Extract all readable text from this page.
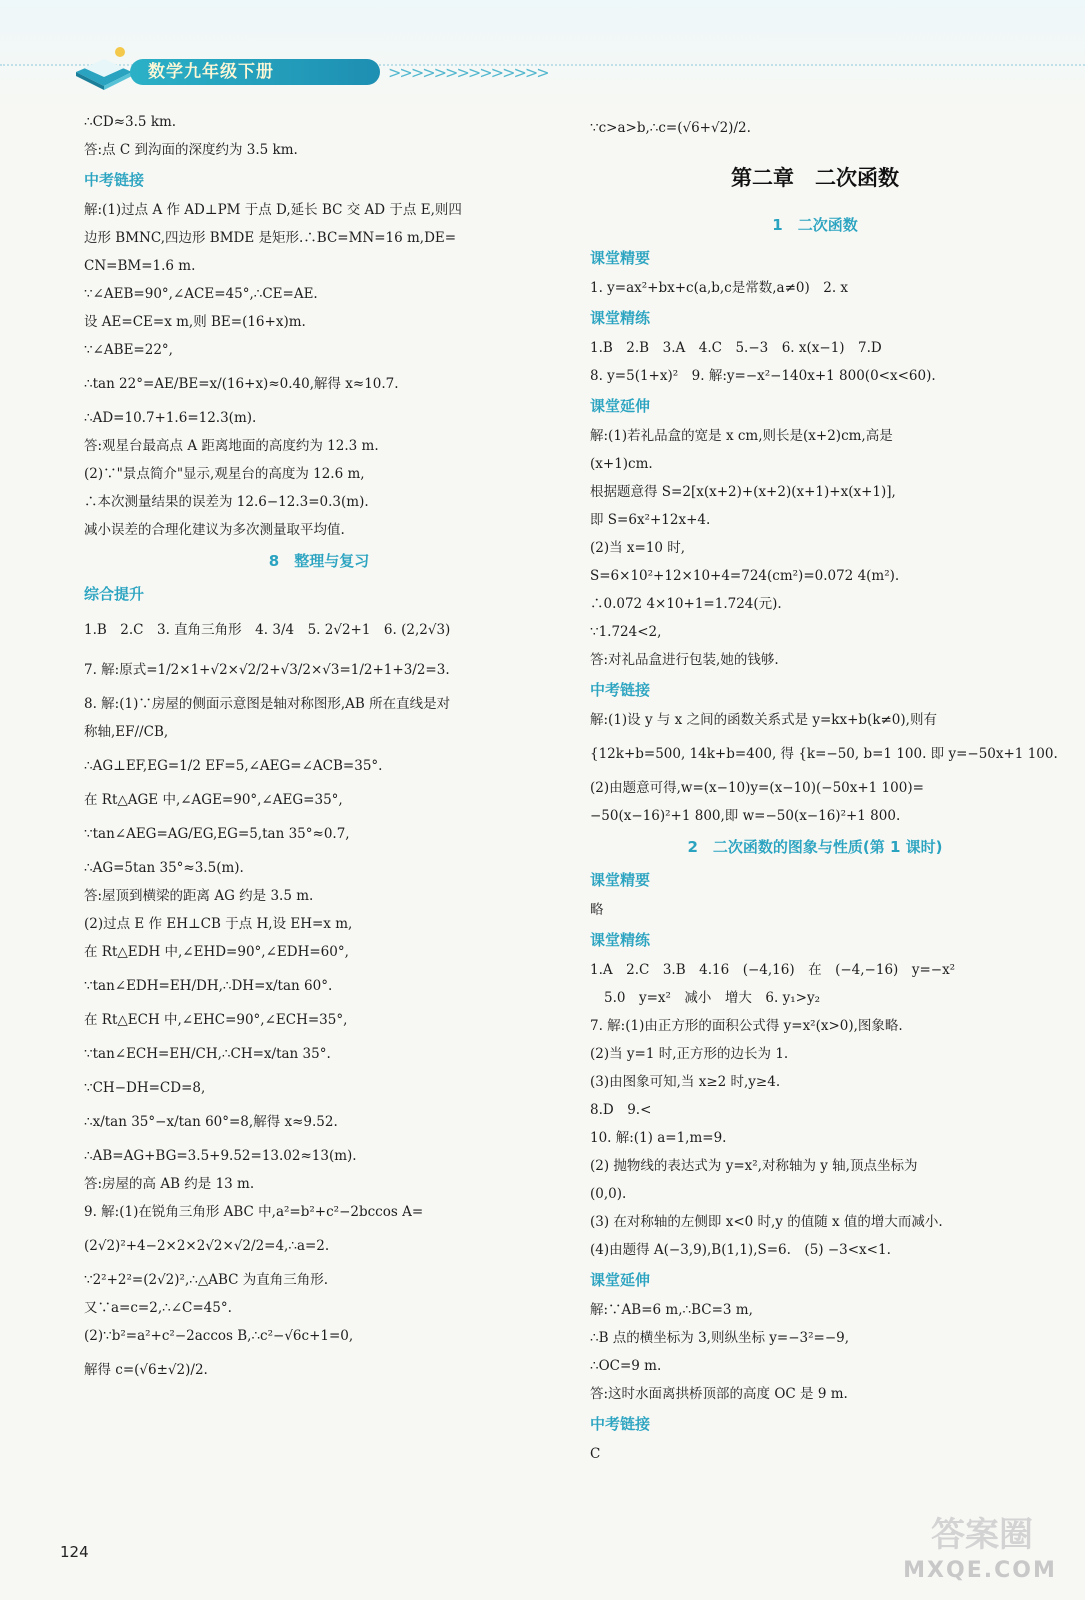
数学九年级下册	>>>>>>>>>>>>>>
∴CD≈3.5 km.
答:点 C 到沟面的深度约为 3.5 km.
中考链接
解:(1)过点 A 作 AD⊥PM 于点 D,延长 BC 交 AD 于点 E,则四
边形 BMNC,四边形 BMDE 是矩形.∴BC=MN=16 m,DE=
CN=BM=1.6 m.
∵∠AEB=90°,∠ACE=45°,∴CE=AE.
设 AE=CE=x m,则 BE=(16+x)m.
∵∠ABE=22°,
∴tan 22°=AE/BE=x/(16+x)≈0.40,解得 x≈10.7.
∴AD=10.7+1.6=12.3(m).
答:观星台最高点 A 距离地面的高度约为 12.3 m.
(2)∵"景点简介"显示,观星台的高度为 12.6 m,
∴本次测量结果的误差为 12.6−12.3=0.3(m).
减小误差的合理化建议为多次测量取平均值.
8　整理与复习
综合提升
1.B　2.C　3. 直角三角形　4. 3/4　5. 2√2+1　6. (2,2√3)
7. 解:原式=1/2×1+√2×√2/2+√3/2×√3=1/2+1+3/2=3.
8. 解:(1)∵房屋的侧面示意图是轴对称图形,AB 所在直线是对
称轴,EF//CB,
∴AG⊥EF,EG=1/2 EF=5,∠AEG=∠ACB=35°.
在 Rt△AGE 中,∠AGE=90°,∠AEG=35°,
∵tan∠AEG=AG/EG,EG=5,tan 35°≈0.7,
∴AG=5tan 35°≈3.5(m).
答:屋顶到横梁的距离 AG 约是 3.5 m.
(2)过点 E 作 EH⊥CB 于点 H,设 EH=x m,
在 Rt△EDH 中,∠EHD=90°,∠EDH=60°,
∵tan∠EDH=EH/DH,∴DH=x/tan 60°.
在 Rt△ECH 中,∠EHC=90°,∠ECH=35°,
∵tan∠ECH=EH/CH,∴CH=x/tan 35°.
∵CH−DH=CD=8,
∴x/tan 35°−x/tan 60°=8,解得 x≈9.52.
∴AB=AG+BG=3.5+9.52=13.02≈13(m).
答:房屋的高 AB 约是 13 m.
9. 解:(1)在锐角三角形 ABC 中,a²=b²+c²−2bccos A=
(2√2)²+4−2×2×2√2×√2/2=4,∴a=2.
∵2²+2²=(2√2)²,∴△ABC 为直角三角形.
又∵a=c=2,∴∠C=45°.
(2)∵b²=a²+c²−2accos B,∴c²−√6c+1=0,
解得 c=(√6±√2)/2.
∵c>a>b,∴c=(√6+√2)/2.
第二章　二次函数
1　二次函数
课堂精要
1. y=ax²+bx+c(a,b,c是常数,a≠0)　2. x
课堂精练
1.B　2.B　3.A　4.C　5.−3　6. x(x−1)　7.D
8. y=5(1+x)²　9. 解:y=−x²−140x+1 800(0<x<60).
课堂延伸
解:(1)若礼品盒的宽是 x cm,则长是(x+2)cm,高是
(x+1)cm.
根据题意得 S=2[x(x+2)+(x+2)(x+1)+x(x+1)],
即 S=6x²+12x+4.
(2)当 x=10 时,
S=6×10²+12×10+4=724(cm²)=0.072 4(m²).
∴0.072 4×10+1=1.724(元).
∵1.724<2,
答:对礼品盒进行包装,她的钱够.
中考链接
解:(1)设 y 与 x 之间的函数关系式是 y=kx+b(k≠0),则有
{12k+b=500, 14k+b=400, 得 {k=−50, b=1 100. 即 y=−50x+1 100.
(2)由题意可得,w=(x−10)y=(x−10)(−50x+1 100)=
−50(x−16)²+1 800,即 w=−50(x−16)²+1 800.
2　二次函数的图象与性质(第 1 课时)
课堂精要
略
课堂精练
1.A　2.C　3.B　4.16　(−4,16)　在　(−4,−16)　y=−x²
5.0　y=x²　减小　增大　6. y₁>y₂
7. 解:(1)由正方形的面积公式得 y=x²(x>0),图象略.
(2)当 y=1 时,正方形的边长为 1.
(3)由图象可知,当 x≥2 时,y≥4.
8.D　9.<
10. 解:(1) a=1,m=9.
(2) 抛物线的表达式为 y=x²,对称轴为 y 轴,顶点坐标为
(0,0).
(3) 在对称轴的左侧即 x<0 时,y 的值随 x 值的增大而减小.
(4)由题得 A(−3,9),B(1,1),S=6.　(5) −3<x<1.
课堂延伸
解:∵AB=6 m,∴BC=3 m,
∴B 点的横坐标为 3,则纵坐标 y=−3²=−9,
∴OC=9 m.
答:这时水面离拱桥顶部的高度 OC 是 9 m.
中考链接
C
124	答案圈
MXQE.COM
